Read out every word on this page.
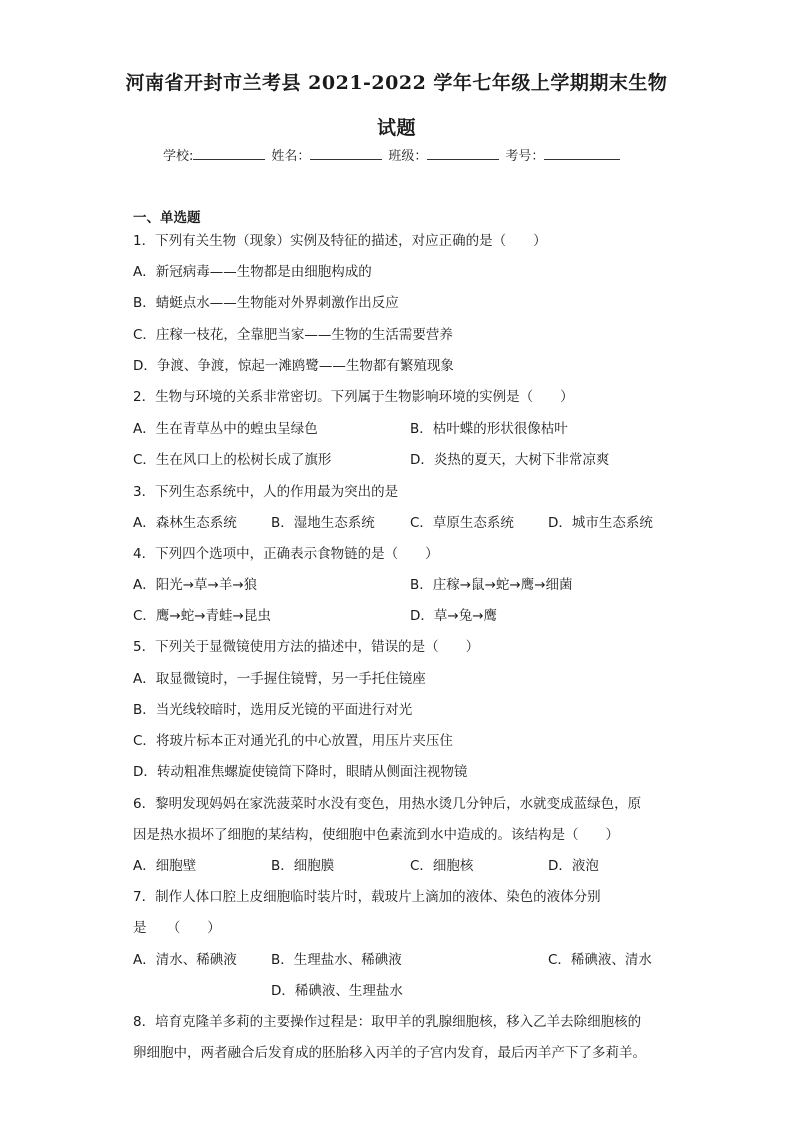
河南省开封市兰考县 2021-2022 学年七年级上学期期末生物
试题
学校:	姓名：	班级：	考号：
一、单选题
1．下列有关生物（现象）实例及特征的描述，对应正确的是（　　）
A．新冠病毒——生物都是由细胞构成的
B．蜻蜓点水——生物能对外界刺激作出反应
C．庄稼一枝花，全靠肥当家——生物的生活需要营养
D．争渡、争渡，惊起一滩鸥鹭——生物都有繁殖现象
2．生物与环境的关系非常密切。下列属于生物影响环境的实例是（　　）
A．生在青草丛中的蝗虫呈绿色	B．枯叶蝶的形状很像枯叶
C．生在风口上的松树长成了旗形	D．炎热的夏天，大树下非常凉爽
3．下列生态系统中，人的作用最为突出的是
A．森林生态系统	B．湿地生态系统	C．草原生态系统	D．城市生态系统
4．下列四个选项中，正确表示食物链的是（　　）
A．阳光→草→羊→狼	B．庄稼→鼠→蛇→鹰→细菌
C．鹰→蛇→青蛙→昆虫	D．草→兔→鹰
5．下列关于显微镜使用方法的描述中，错误的是（　　）
A．取显微镜时，一手握住镜臂，另一手托住镜座
B．当光线较暗时，选用反光镜的平面进行对光
C．将玻片标本正对通光孔的中心放置，用压片夹压住
D．转动粗准焦螺旋使镜筒下降时，眼睛从侧面注视物镜
6．黎明发现妈妈在家洗菠菜时水没有变色，用热水烫几分钟后，水就变成蓝绿色，原
因是热水损坏了细胞的某结构，使细胞中色素流到水中造成的。该结构是（　　）
A．细胞壁	B．细胞膜	C．细胞核	D．液泡
7．制作人体口腔上皮细胞临时装片时，载玻片上滴加的液体、染色的液体分别
是　　（　　）
A．清水、稀碘液	B．生理盐水、稀碘液	C．稀碘液、清水
D．稀碘液、生理盐水
8．培育克隆羊多莉的主要操作过程是：取甲羊的乳腺细胞核，移入乙羊去除细胞核的
卵细胞中，两者融合后发育成的胚胎移入丙羊的子宫内发育，最后丙羊产下了多莉羊。
